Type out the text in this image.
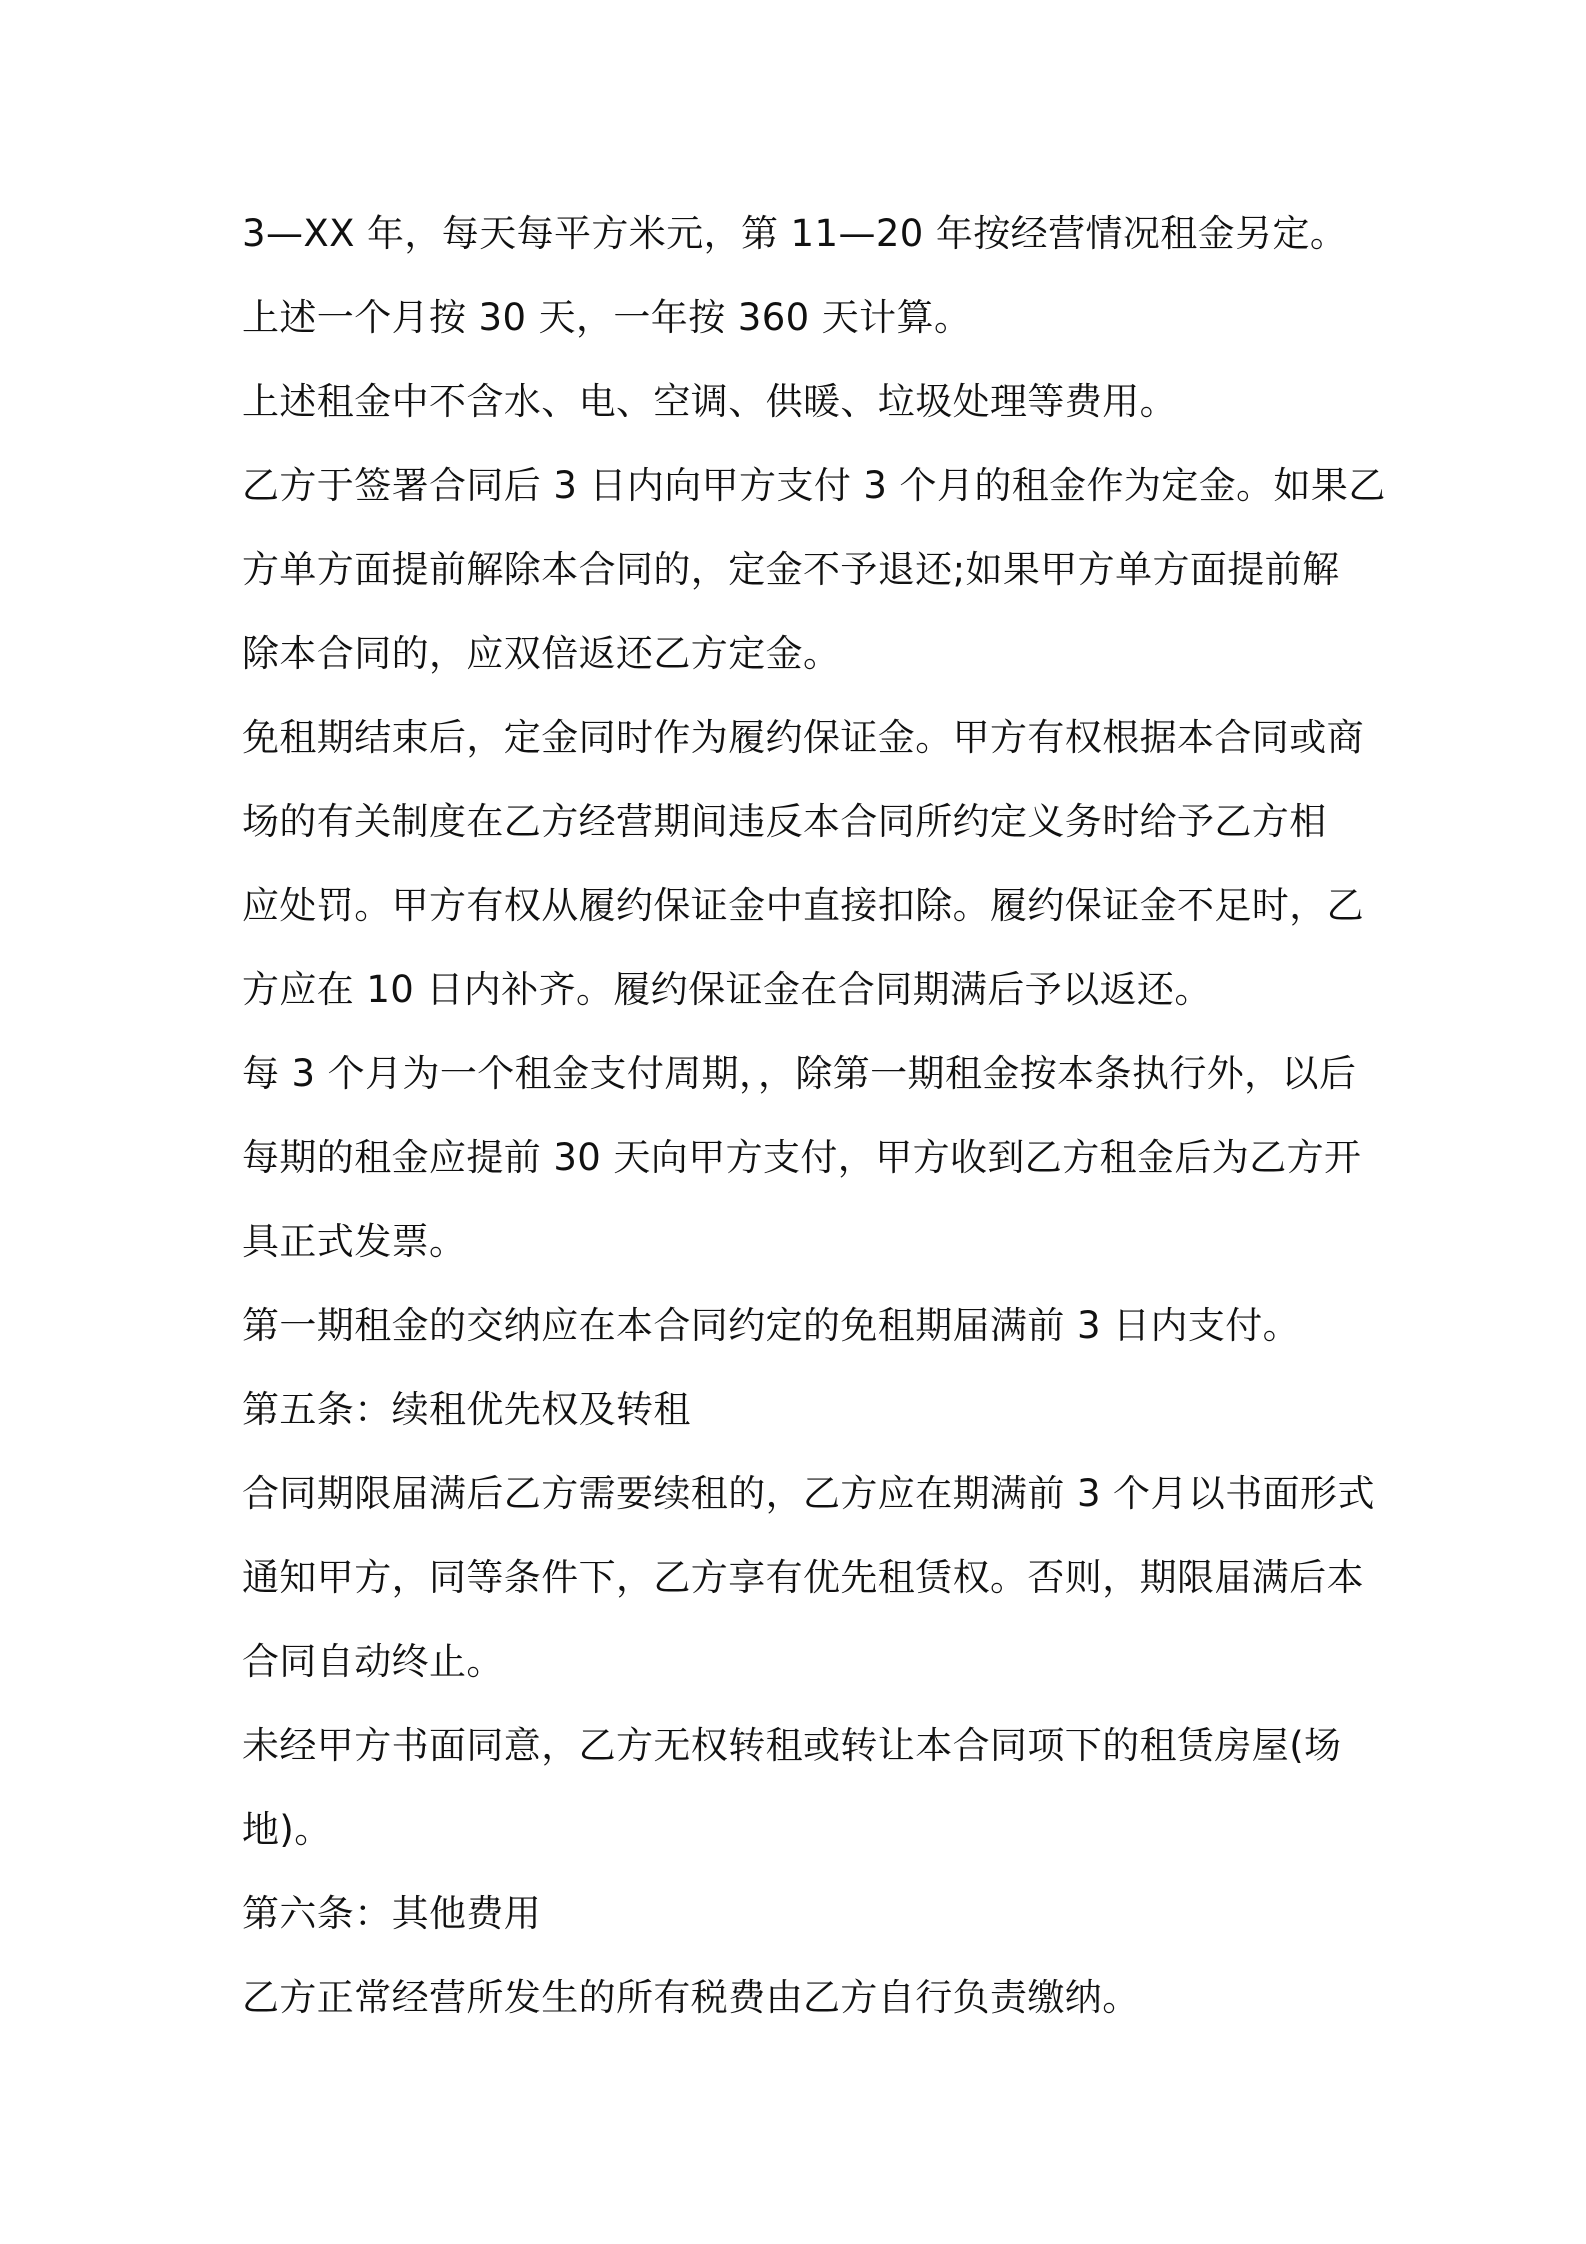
3—XX 年，每天每平方米元，第 11—20 年按经营情况租金另定。
上述一个月按 30 天，一年按 360 天计算。
上述租金中不含水、电、空调、供暖、垃圾处理等费用。
乙方于签署合同后 3 日内向甲方支付 3 个月的租金作为定金。如果乙
方单方面提前解除本合同的，定金不予退还;如果甲方单方面提前解
除本合同的，应双倍返还乙方定金。
免租期结束后，定金同时作为履约保证金。甲方有权根据本合同或商
场的有关制度在乙方经营期间违反本合同所约定义务时给予乙方相
应处罚。甲方有权从履约保证金中直接扣除。履约保证金不足时，乙
方应在 10 日内补齐。履约保证金在合同期满后予以返还。
每 3 个月为一个租金支付周期，，除第一期租金按本条执行外，以后
每期的租金应提前 30 天向甲方支付，甲方收到乙方租金后为乙方开
具正式发票。
第一期租金的交纳应在本合同约定的免租期届满前 3 日内支付。
第五条：续租优先权及转租
合同期限届满后乙方需要续租的，乙方应在期满前 3 个月以书面形式
通知甲方，同等条件下，乙方享有优先租赁权。否则，期限届满后本
合同自动终止。
未经甲方书面同意，乙方无权转租或转让本合同项下的租赁房屋(场
地)。
第六条：其他费用
乙方正常经营所发生的所有税费由乙方自行负责缴纳。
